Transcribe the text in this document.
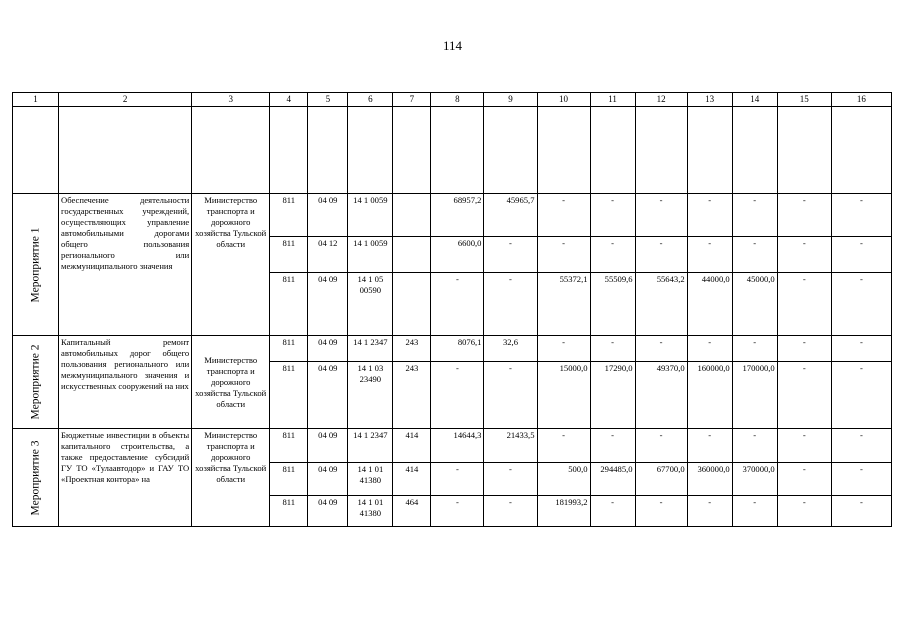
114
1	2	3	4	5	6	7	8	9	10	11	12	13	14	15	16

Мероприятие 1	Обеспечение деятельности государственных учреждений, осуществляющих управление автомобильными дорогами общего пользования регионального или межмуниципального значения	Министерство транспорта и дорожного хозяйства Тульской области	811	04 09	14 1 0059		68957,2	45965,7	-	-	-	-	-	-	-
			811	04 12	14 1 0059		6600,0	-	-	-	-	-	-	-	-
			811	04 09	14 1 05 00590		-	-	55372,1	55509,6	55643,2	44000,0	45000,0	-	-

Мероприятие 2	Капитальный ремонт автомобильных дорог общего пользования регионального или межмуниципального значения и искусственных сооружений на них	Министерство транспорта и дорожного хозяйства Тульской области	811	04 09	14 1 2347	243	8076,1	32,6	-	-	-	-	-	-	-
			811	04 09	14 1 03 23490	243	-	-	15000,0	17290,0	49370,0	160000,0	170000,0	-	-

Мероприятие 3	Бюджетные инвестиции в объекты капитального строительства, а также предоставление субсидий ГУ ТО «Тулаавтодор» и ГАУ ТО «Проектная контора» на	Министерство транспорта и дорожного хозяйства Тульской области	811	04 09	14 1 2347	414	14644,3	21433,5	-	-	-	-	-	-	-
			811	04 09	14 1 01 41380	414	-	-	500,0	294485,0	67700,0	360000,0	370000,0	-	-
			811	04 09	14 1 01 41380	464	-	-	181993,2	-	-	-	-	-	-
